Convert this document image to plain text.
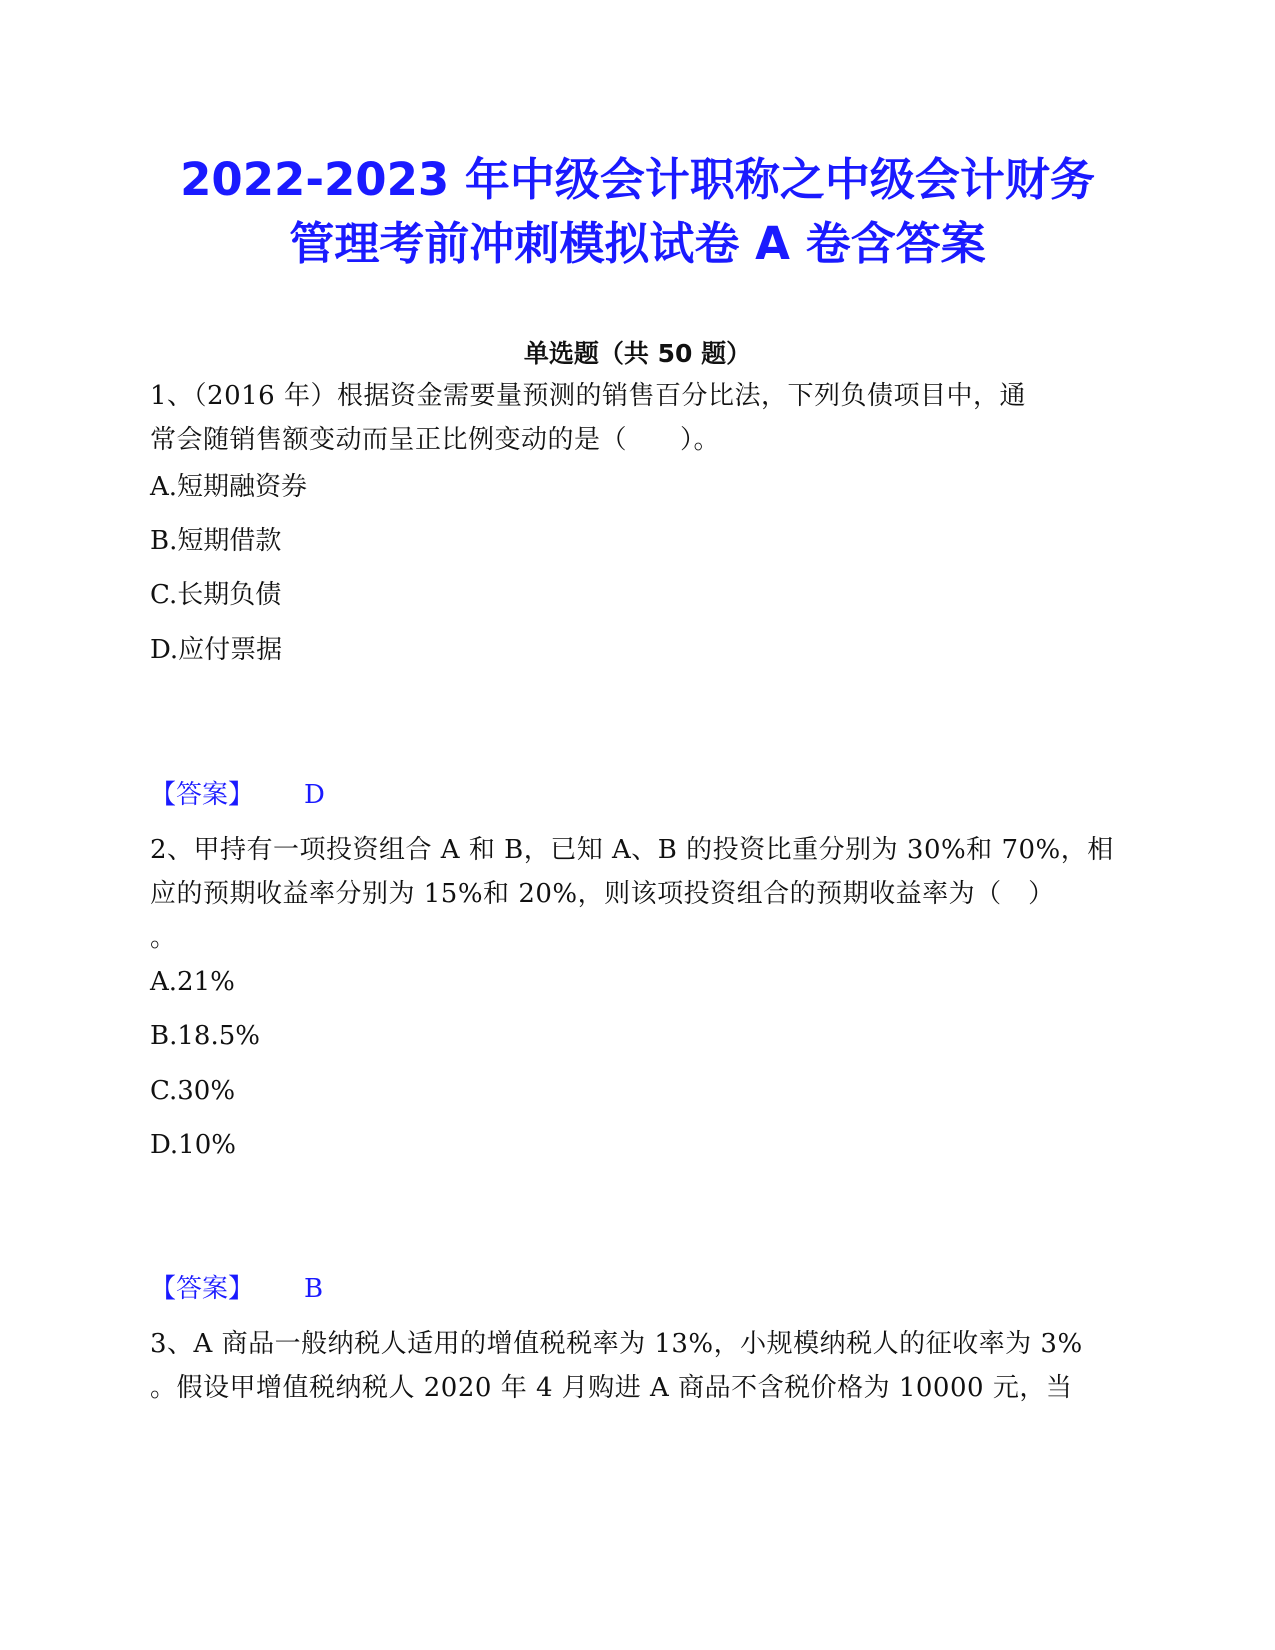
2022-2023 年中级会计职称之中级会计财务
管理考前冲刺模拟试卷 A 卷含答案
单选题（共 50 题）
1、（2016 年）根据资金需要量预测的销售百分比法，下列负债项目中，通
常会随销售额变动而呈正比例变动的是（　　）。
A.短期融资券
B.短期借款
C.长期负债
D.应付票据
【答案】 D
2、甲持有一项投资组合 A 和 B，已知 A、B 的投资比重分别为 30%和 70%，相
应的预期收益率分别为 15%和 20%，则该项投资组合的预期收益率为（　）
。
A.21%
B.18.5%
C.30%
D.10%
【答案】 B
3、A 商品一般纳税人适用的增值税税率为 13%，小规模纳税人的征收率为 3%
。假设甲增值税纳税人 2020 年 4 月购进 A 商品不含税价格为 10000 元，当
